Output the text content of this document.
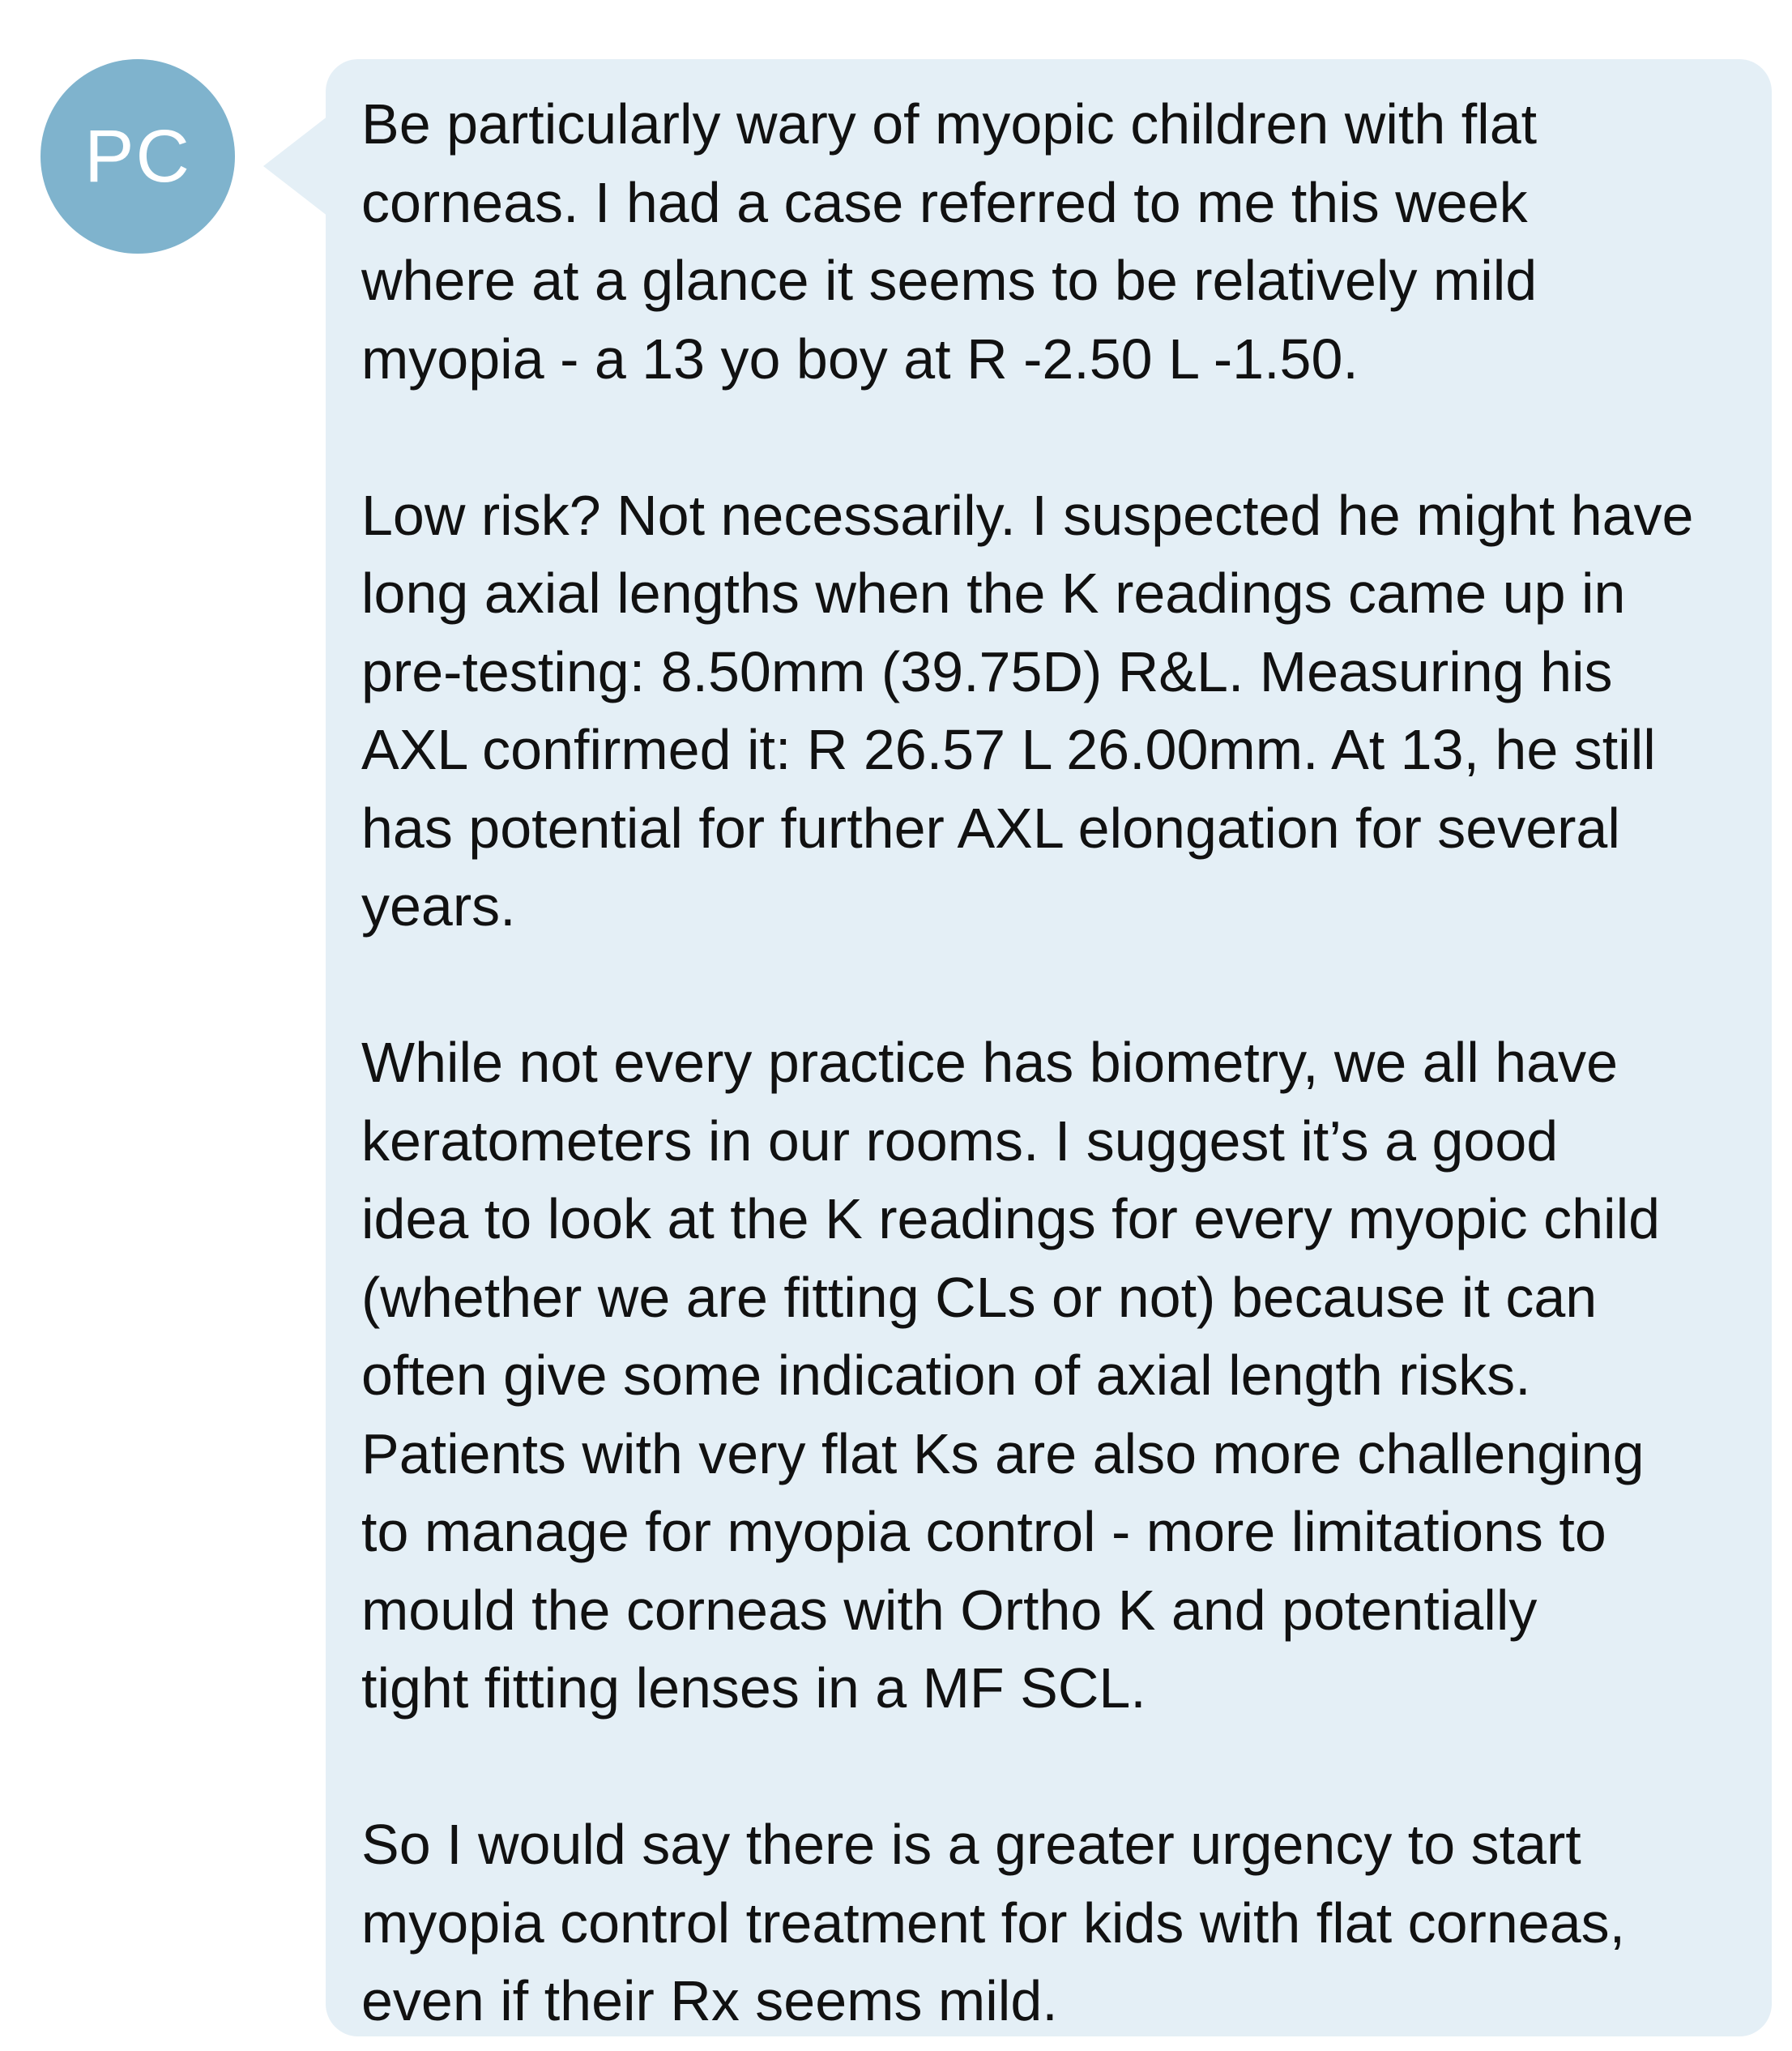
PC	Be particularly wary of myopic children with flat
corneas. I had a case referred to me this week
where at a glance it seems to be relatively mild
myopia - a 13 yo boy at R -2.50 L -1.50.

Low risk? Not necessarily. I suspected he might have
long axial lengths when the K readings came up in
pre-testing: 8.50mm (39.75D) R&L. Measuring his
AXL confirmed it: R 26.57 L 26.00mm. At 13, he still
has potential for further AXL elongation for several
years.

While not every practice has biometry, we all have
keratometers in our rooms. I suggest it’s a good
idea to look at the K readings for every myopic child
(whether we are fitting CLs or not) because it can
often give some indication of axial length risks.
Patients with very flat Ks are also more challenging
to manage for myopia control - more limitations to
mould the corneas with Ortho K and potentially
tight fitting lenses in a MF SCL.

So I would say there is a greater urgency to start
myopia control treatment for kids with flat corneas,
even if their Rx seems mild.
